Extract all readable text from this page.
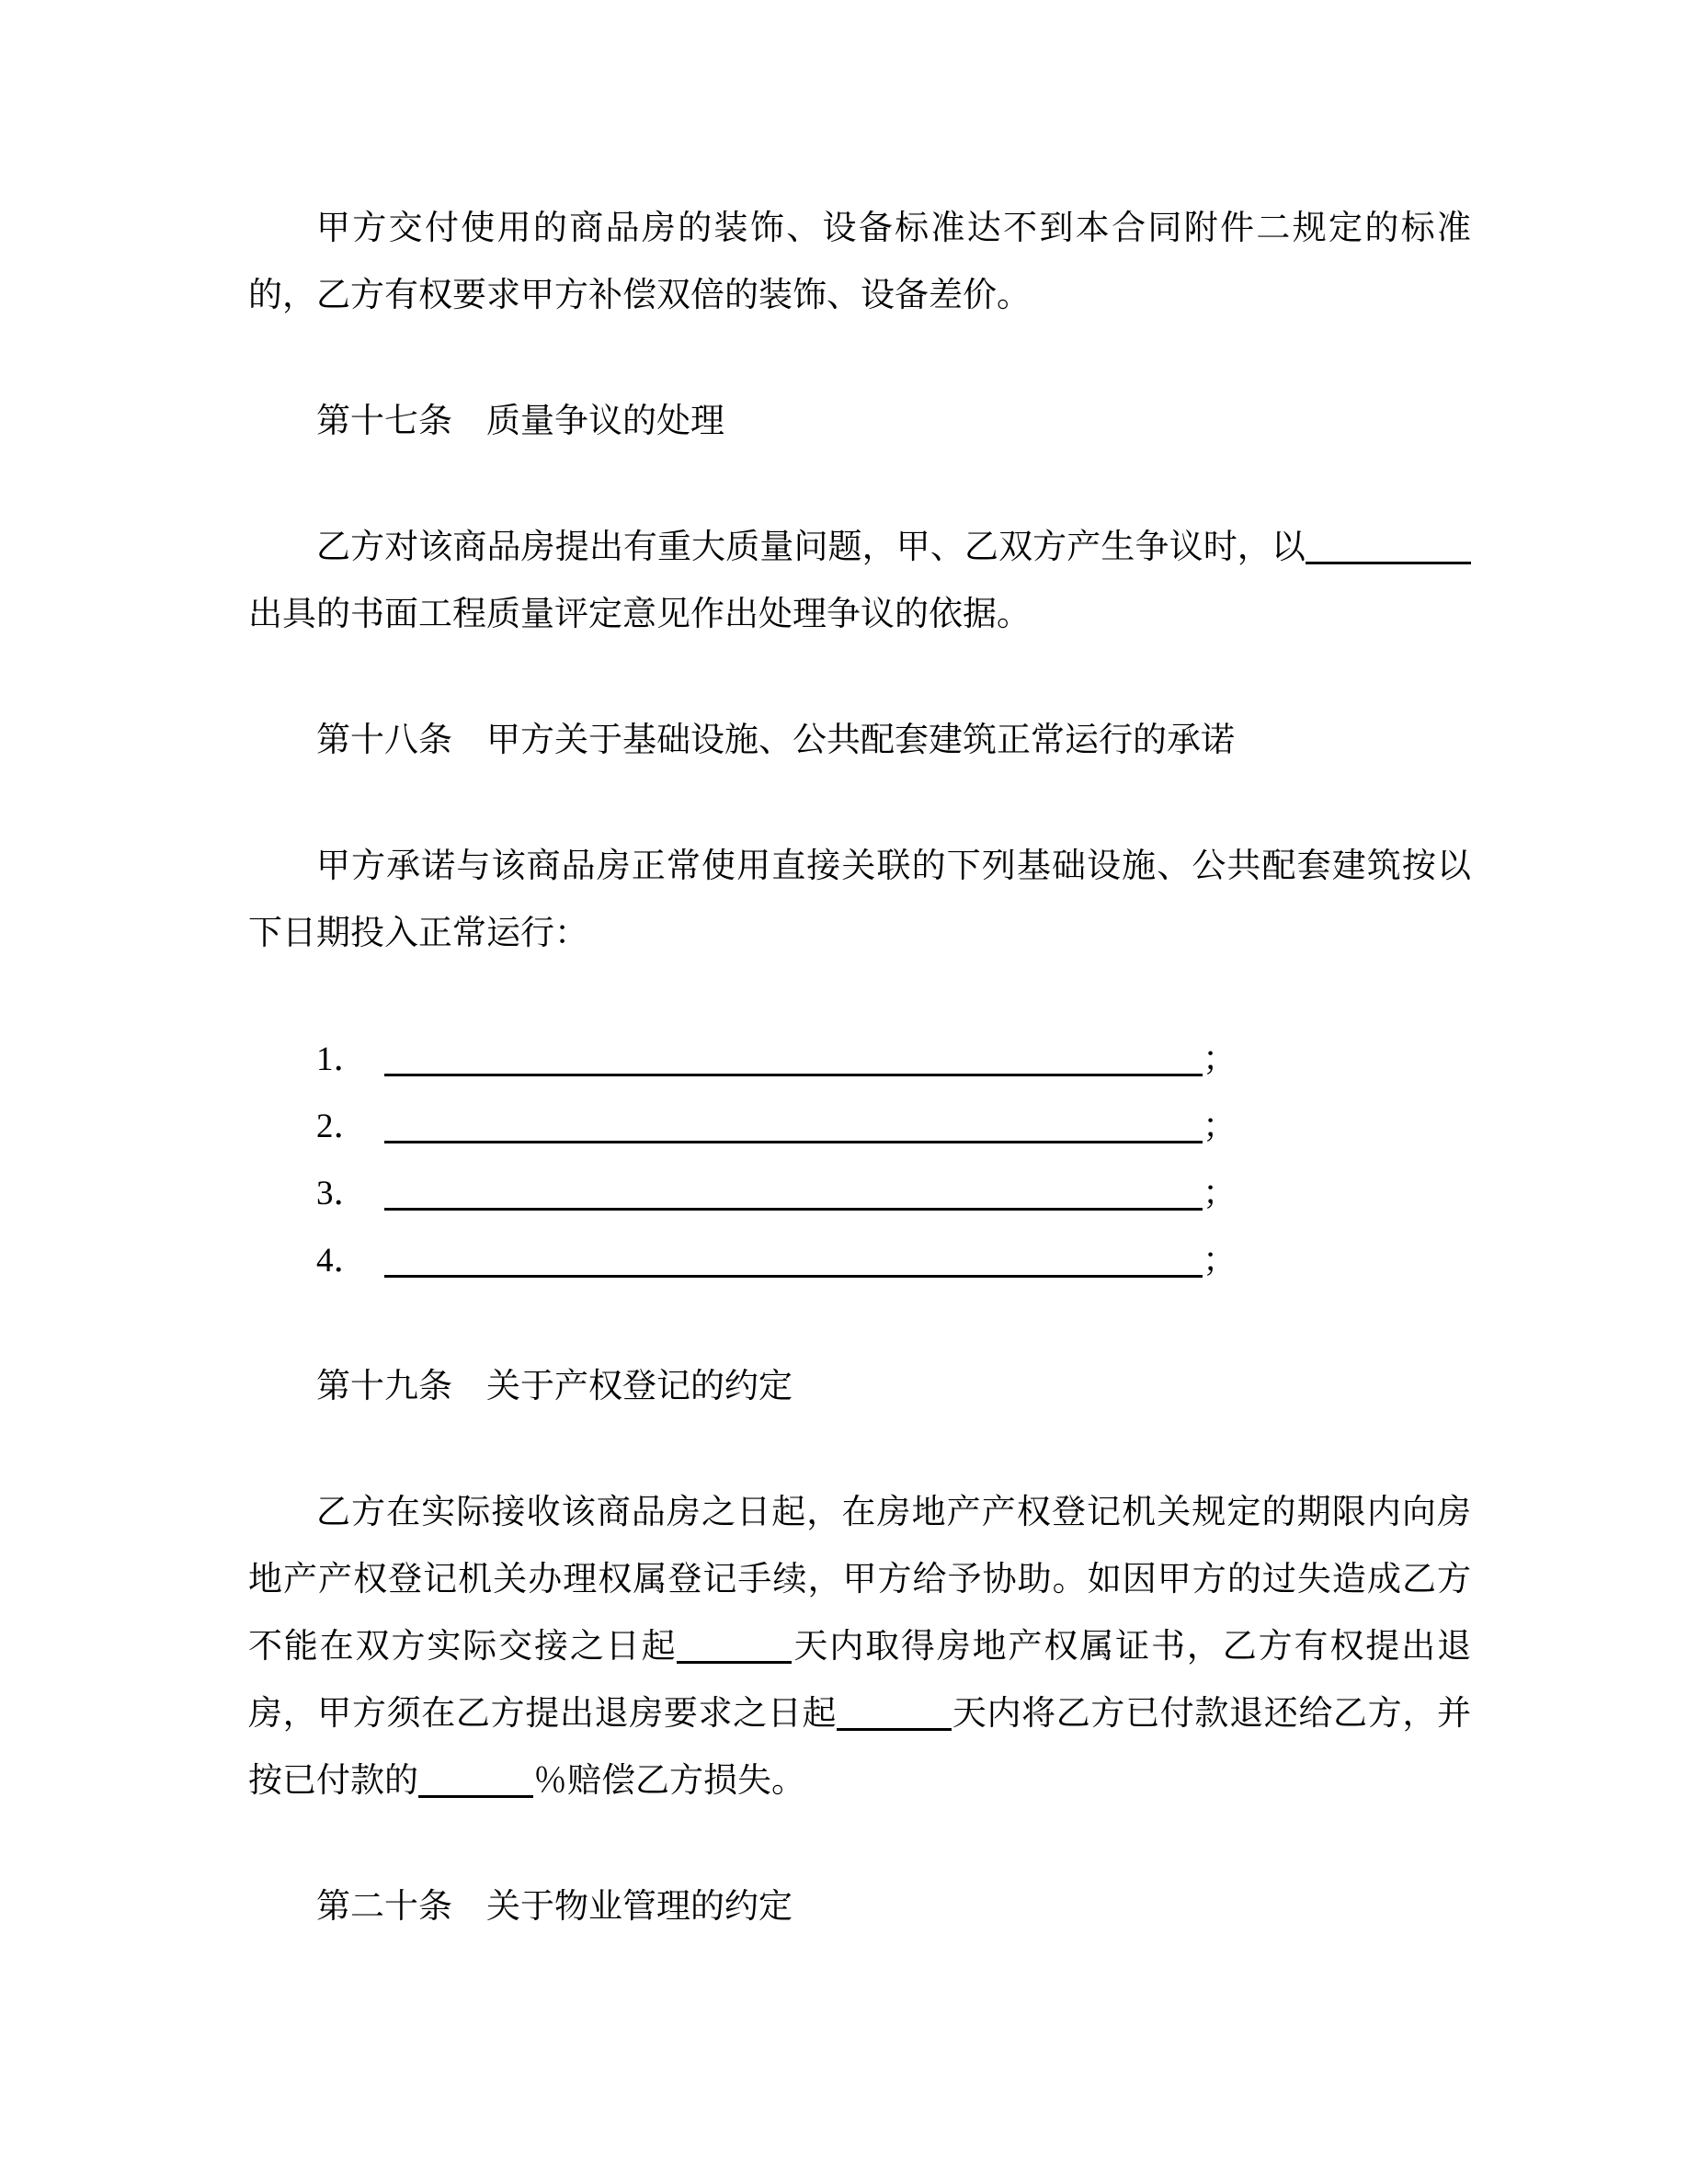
甲方交付使用的商品房的装饰、设备标准达不到本合同附件二规定的标准的，乙方有权要求甲方补偿双倍的装饰、设备差价。

第十七条　质量争议的处理

乙方对该商品房提出有重大质量问题，甲、乙双方产生争议时，以出具的书面工程质量评定意见作出处理争议的依据。

第十八条　甲方关于基础设施、公共配套建筑正常运行的承诺

甲方承诺与该商品房正常使用直接关联的下列基础设施、公共配套建筑按以下日期投入正常运行：

1．	；
2．	；
3．	；
4．	；

第十九条　关于产权登记的约定

乙方在实际接收该商品房之日起，在房地产产权登记机关规定的期限内向房地产产权登记机关办理权属登记手续，甲方给予协助。如因甲方的过失造成乙方不能在双方实际交接之日起	天内取得房地产权属证书，乙方有权提出退房，甲方须在乙方提出退房要求之日起	天内将乙方已付款退还给乙方，并按已付款的	％赔偿乙方损失。

第二十条　关于物业管理的约定
